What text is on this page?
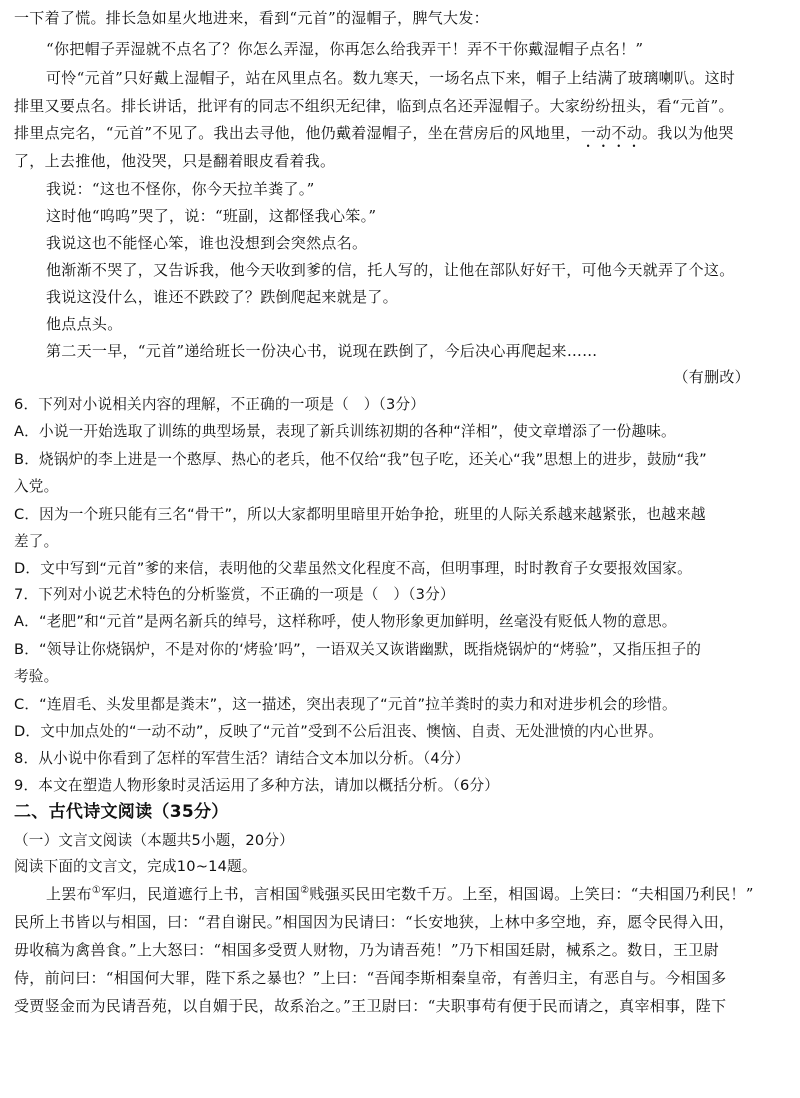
一下着了慌。排长急如星火地进来，看到“元首”的湿帽子，脾气大发：
“你把帽子弄湿就不点名了？你怎么弄湿，你再怎么给我弄干！弄不干你戴湿帽子点名！”
可怜“元首”只好戴上湿帽子，站在风里点名。数九寒天，一场名点下来，帽子上结满了玻璃喇叭。这时
排里又要点名。排长讲话，批评有的同志不组织无纪律，临到点名还弄湿帽子。大家纷纷扭头，看“元首”。
排里点完名，“元首”不见了。我出去寻他，他仍戴着湿帽子，坐在营房后的风地里，一动不动。我以为他哭
了，上去推他，他没哭，只是翻着眼皮看着我。
我说：“这也不怪你，你今天拉羊粪了。”
这时他“呜呜”哭了，说：“班副，这都怪我心笨。”
我说这也不能怪心笨，谁也没想到会突然点名。
他渐渐不哭了，又告诉我，他今天收到爹的信，托人写的，让他在部队好好干，可他今天就弄了个这。
我说这没什么，谁还不跌跤了？跌倒爬起来就是了。
他点点头。
第二天一早，“元首”递给班长一份决心书，说现在跌倒了，今后决心再爬起来……
（有删改）
6．下列对小说相关内容的理解，不正确的一项是（　）（3分）
A．小说一开始选取了训练的典型场景，表现了新兵训练初期的各种“洋相”，使文章增添了一份趣味。
B．烧锅炉的李上进是一个憨厚、热心的老兵，他不仅给“我”包子吃，还关心“我”思想上的进步，鼓励“我”
入党。
C．因为一个班只能有三名“骨干”，所以大家都明里暗里开始争抢，班里的人际关系越来越紧张，也越来越
差了。
D．文中写到“元首”爹的来信，表明他的父辈虽然文化程度不高，但明事理，时时教育子女要报效国家。
7．下列对小说艺术特色的分析鉴赏，不正确的一项是（　）（3分）
A．“老肥”和“元首”是两名新兵的绰号，这样称呼，使人物形象更加鲜明，丝毫没有贬低人物的意思。
B．“领导让你烧锅炉，不是对你的‘烤验’吗”，一语双关又诙谐幽默，既指烧锅炉的“烤验”，又指压担子的
考验。
C．“连眉毛、头发里都是粪末”，这一描述，突出表现了“元首”拉羊粪时的卖力和对进步机会的珍惜。
D．文中加点处的“一动不动”，反映了“元首”受到不公后沮丧、懊恼、自责、无处泄愤的内心世界。
8．从小说中你看到了怎样的军营生活？请结合文本加以分析。（4分）
9．本文在塑造人物形象时灵活运用了多种方法，请加以概括分析。（6分）
二、古代诗文阅读（35分）
（一）文言文阅读（本题共5小题，20分）
阅读下面的文言文，完成10~14题。
上罢布①军归，民道遮行上书，言相国②贱强买民田宅数千万。上至，相国谒。上笑曰：“夫相国乃利民！”
民所上书皆以与相国，曰：“君自谢民。”相国因为民请曰：“长安地狭，上林中多空地，弃，愿令民得入田，
毋收稿为禽兽食。”上大怒曰：“相国多受贾人财物，乃为请吾苑！”乃下相国廷尉，械系之。数日，王卫尉
侍，前问曰：“相国何大罪，陛下系之暴也？”上曰：“吾闻李斯相秦皇帝，有善归主，有恶自与。今相国多
受贾竖金而为民请吾苑，以自媚于民，故系治之。”王卫尉曰：“夫职事苟有便于民而请之，真宰相事，陛下
